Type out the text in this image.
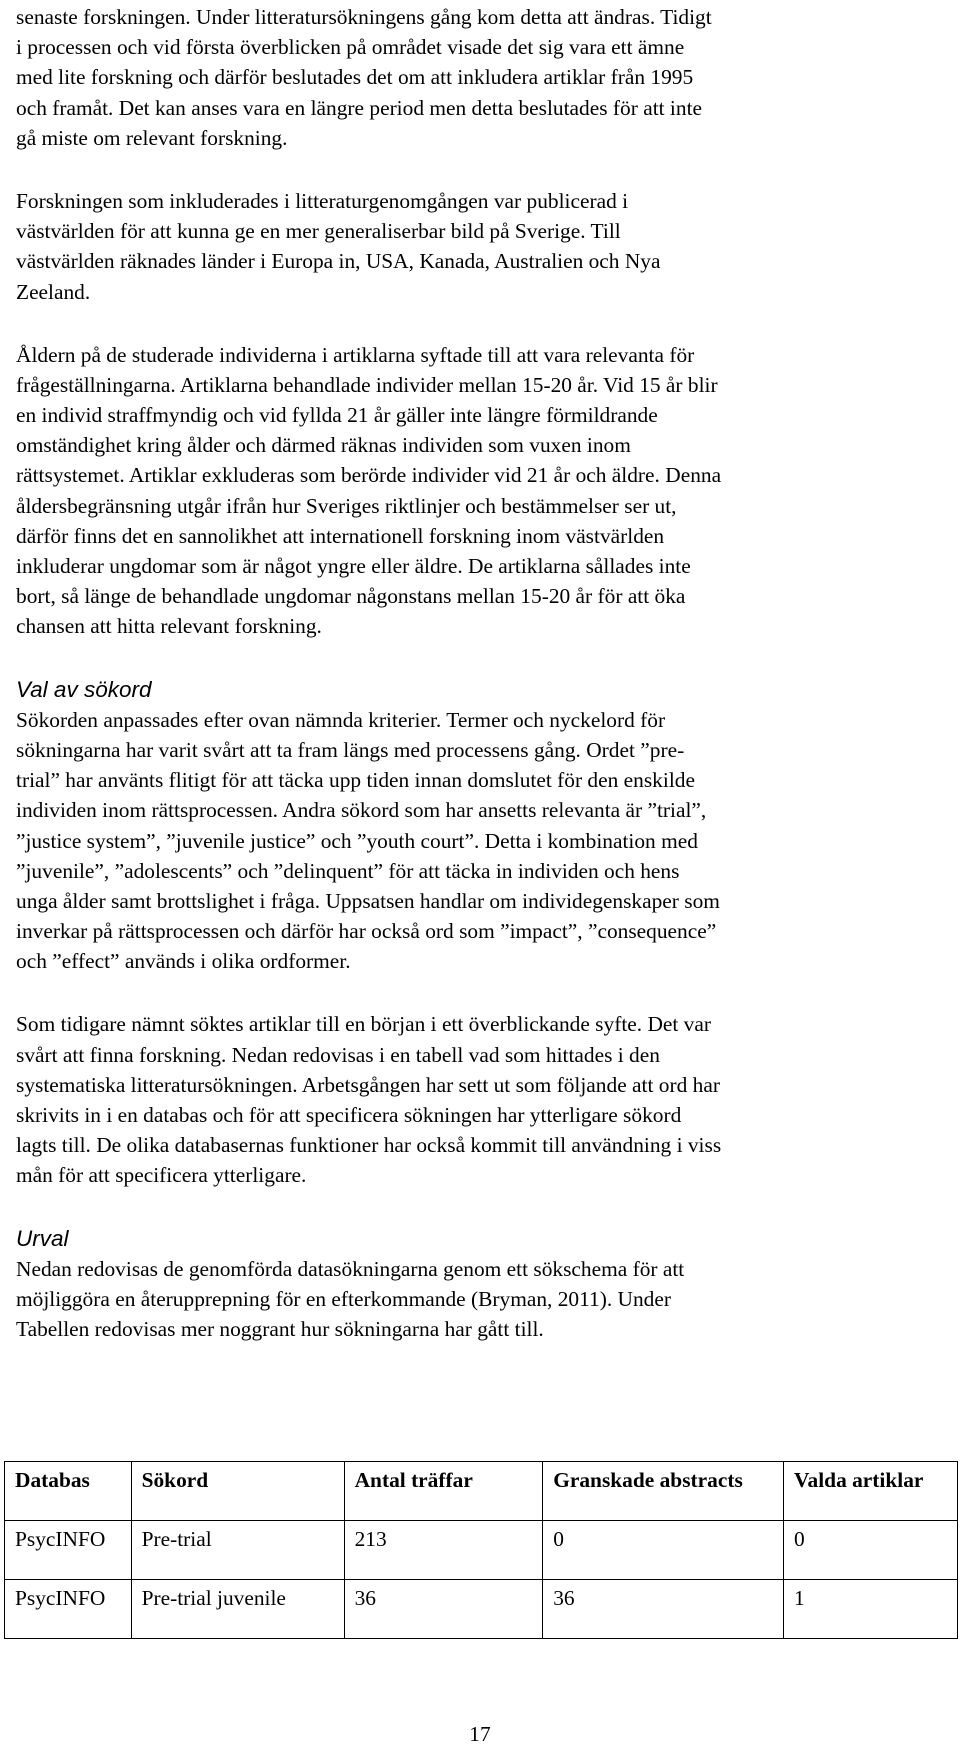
senaste forskningen. Under litteratursökningens gång kom detta att ändras. Tidigt
i processen och vid första överblicken på området visade det sig vara ett ämne
med lite forskning och därför beslutades det om att inkludera artiklar från 1995
och framåt. Det kan anses vara en längre period men detta beslutades för att inte
gå miste om relevant forskning.
Forskningen som inkluderades i litteraturgenomgången var publicerad i
västvärlden för att kunna ge en mer generaliserbar bild på Sverige. Till
västvärlden räknades länder i Europa in, USA, Kanada, Australien och Nya
Zeeland.
Åldern på de studerade individerna i artiklarna syftade till att vara relevanta för
frågeställningarna. Artiklarna behandlade individer mellan 15-20 år. Vid 15 år blir
en individ straffmyndig och vid fyllda 21 år gäller inte längre förmildrande
omständighet kring ålder och därmed räknas individen som vuxen inom
rättsystemet. Artiklar exkluderas som berörde individer vid 21 år och äldre. Denna
åldersbegränsning utgår ifrån hur Sveriges riktlinjer och bestämmelser ser ut,
därför finns det en sannolikhet att internationell forskning inom västvärlden
inkluderar ungdomar som är något yngre eller äldre. De artiklarna sållades inte
bort, så länge de behandlade ungdomar någonstans mellan 15-20 år för att öka
chansen att hitta relevant forskning.
Val av sökord
Sökorden anpassades efter ovan nämnda kriterier. Termer och nyckelord för
sökningarna har varit svårt att ta fram längs med processens gång. Ordet ”pre-
trial” har använts flitigt för att täcka upp tiden innan domslutet för den enskilde
individen inom rättsprocessen. Andra sökord som har ansetts relevanta är ”trial”,
”justice system”, ”juvenile justice” och ”youth court”. Detta i kombination med
”juvenile”, ”adolescents” och ”delinquent” för att täcka in individen och hens
unga ålder samt brottslighet i fråga. Uppsatsen handlar om individegenskaper som
inverkar på rättsprocessen och därför har också ord som ”impact”, ”consequence”
och ”effect” används i olika ordformer.
Som tidigare nämnt söktes artiklar till en början i ett överblickande syfte. Det var
svårt att finna forskning. Nedan redovisas i en tabell vad som hittades i den
systematiska litteratursökningen. Arbetsgången har sett ut som följande att ord har
skrivits in i en databas och för att specificera sökningen har ytterligare sökord
lagts till. De olika databasernas funktioner har också kommit till användning i viss
mån för att specificera ytterligare.
Urval
Nedan redovisas de genomförda datasökningarna genom ett sökschema för att
möjliggöra en återupprepning för en efterkommande (Bryman, 2011). Under
Tabellen redovisas mer noggrant hur sökningarna har gått till.
Databas	Sökord	Antal träffar	Granskade abstracts	Valda artiklar
PsycINFO	Pre-trial	213	0	0
PsycINFO	Pre-trial juvenile	36	36	1
17
